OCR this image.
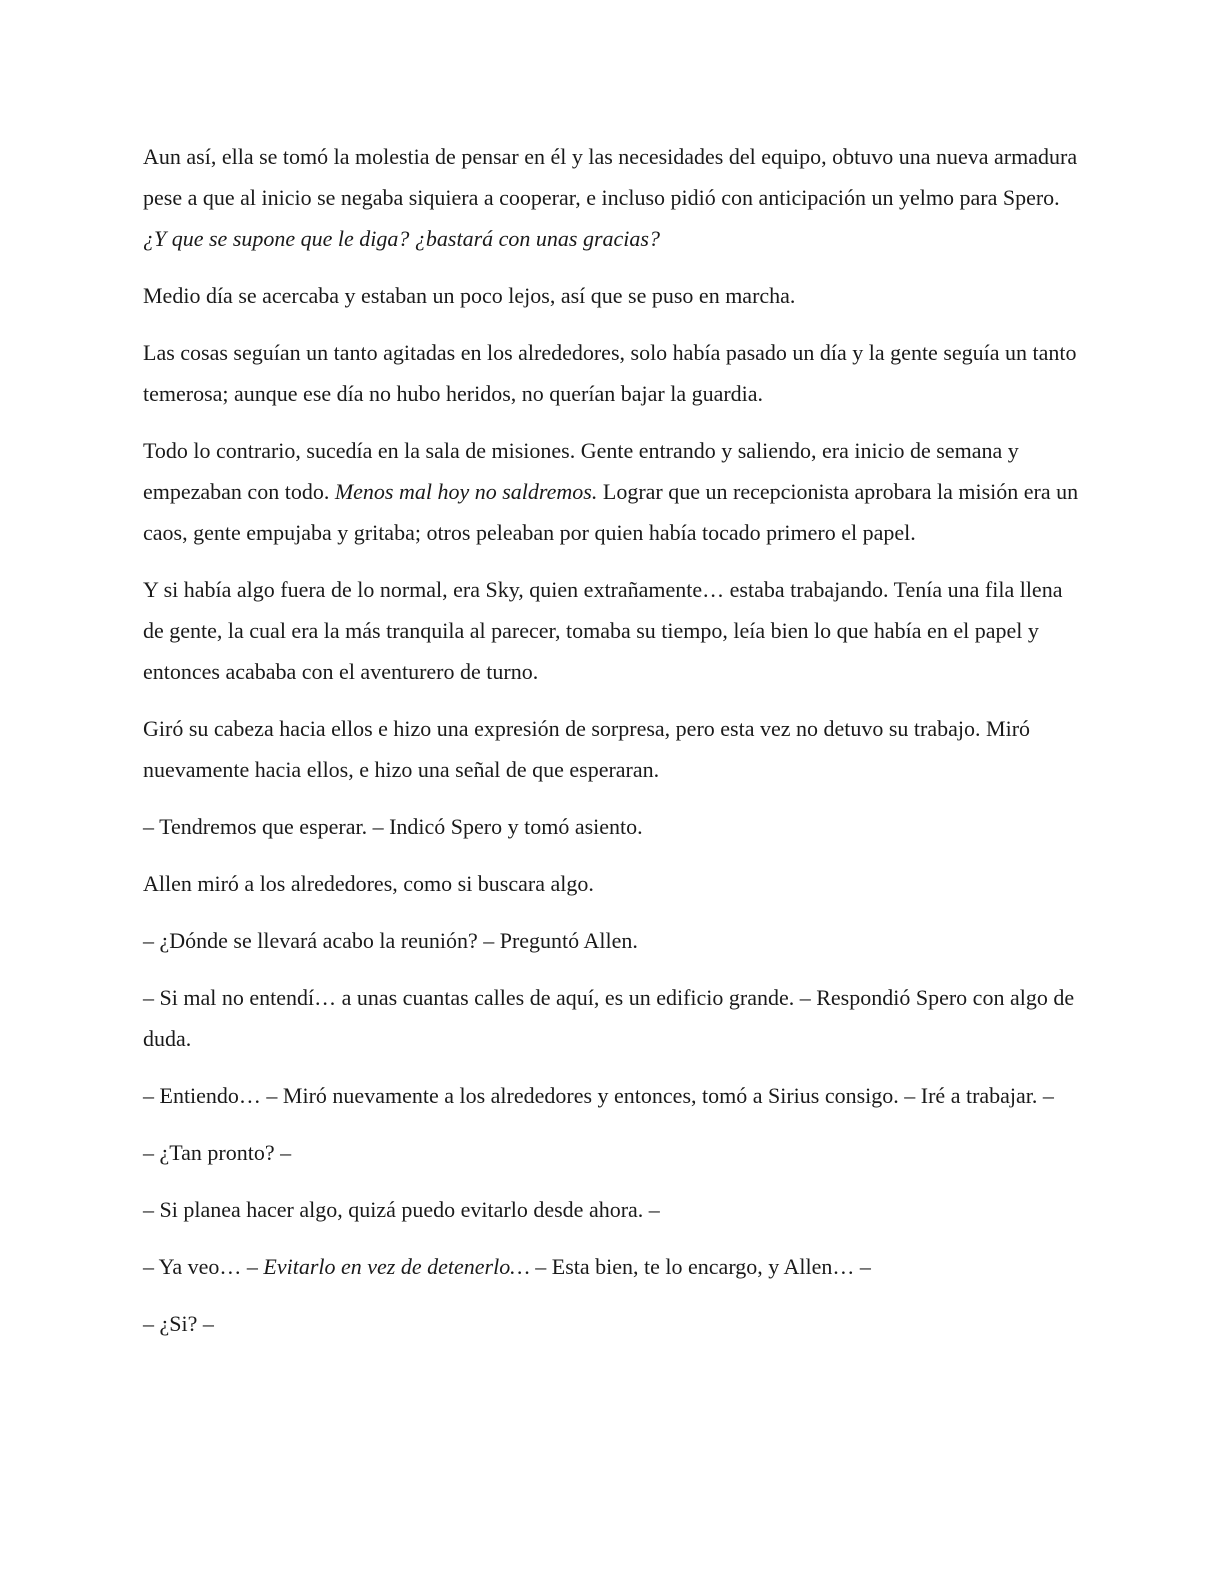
Aun así, ella se tomó la molestia de pensar en él y las necesidades del equipo, obtuvo una nueva armadura pese a que al inicio se negaba siquiera a cooperar, e incluso pidió con anticipación un yelmo para Spero. ¿Y que se supone que le diga? ¿bastará con unas gracias?

Medio día se acercaba y estaban un poco lejos, así que se puso en marcha.

Las cosas seguían un tanto agitadas en los alrededores, solo había pasado un día y la gente seguía un tanto temerosa; aunque ese día no hubo heridos, no querían bajar la guardia.

Todo lo contrario, sucedía en la sala de misiones. Gente entrando y saliendo, era inicio de semana y empezaban con todo. Menos mal hoy no saldremos. Lograr que un recepcionista aprobara la misión era un caos, gente empujaba y gritaba; otros peleaban por quien había tocado primero el papel.

Y si había algo fuera de lo normal, era Sky, quien extrañamente… estaba trabajando. Tenía una fila llena de gente, la cual era la más tranquila al parecer, tomaba su tiempo, leía bien lo que había en el papel y entonces acababa con el aventurero de turno.

Giró su cabeza hacia ellos e hizo una expresión de sorpresa, pero esta vez no detuvo su trabajo. Miró nuevamente hacia ellos, e hizo una señal de que esperaran.

– Tendremos que esperar. – Indicó Spero y tomó asiento.

Allen miró a los alrededores, como si buscara algo.

– ¿Dónde se llevará acabo la reunión? – Preguntó Allen.

– Si mal no entendí… a unas cuantas calles de aquí, es un edificio grande. – Respondió Spero con algo de duda.

– Entiendo… – Miró nuevamente a los alrededores y entonces, tomó a Sirius consigo. – Iré a trabajar. –

– ¿Tan pronto? –

– Si planea hacer algo, quizá puedo evitarlo desde ahora. –

– Ya veo… – Evitarlo en vez de detenerlo… – Esta bien, te lo encargo, y Allen… –

– ¿Si? –
